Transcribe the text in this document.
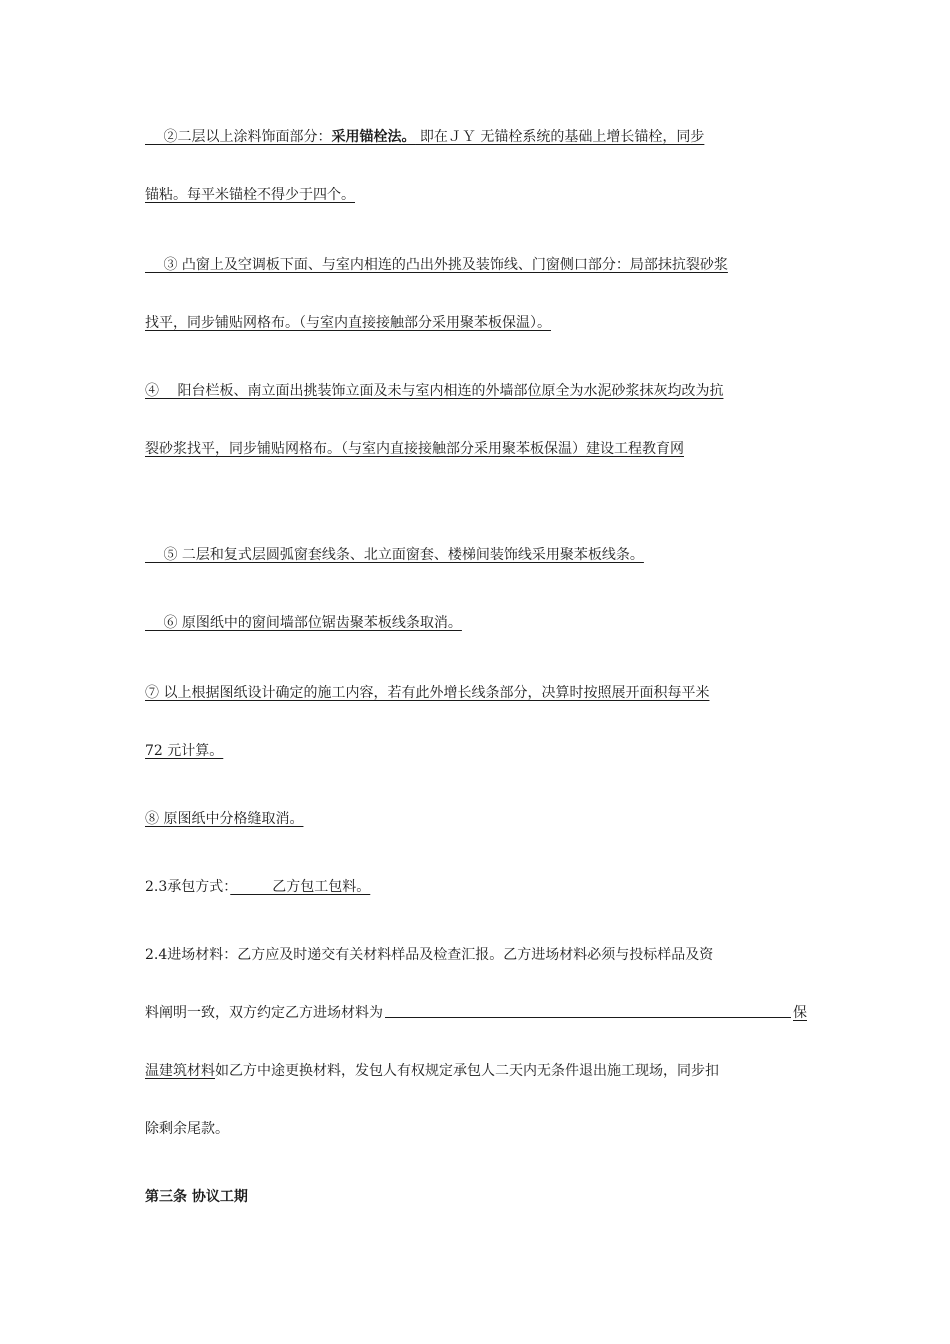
　 ②二层以上涂料饰面部分：采用锚栓法。 即在ＪＹ 无锚栓系统的基础上增长锚栓，同步
锚粘。每平米锚栓不得少于四个。
　 ③ 凸窗上及空调板下面、与室内相连的凸出外挑及装饰线、门窗侧口部分：局部抹抗裂砂浆
找平，同步铺贴网格布。（与室内直接接触部分采用聚苯板保温）。
④　 阳台栏板、南立面出挑装饰立面及未与室内相连的外墙部位原全为水泥砂浆抹灰均改为抗
裂砂浆找平，同步铺贴网格布。（与室内直接接触部分采用聚苯板保温）建设工程教育网
　 ⑤ 二层和复式层圆弧窗套线条、北立面窗套、楼梯间装饰线采用聚苯板线条。
　 ⑥ 原图纸中的窗间墙部位锯齿聚苯板线条取消。
⑦ 以上根据图纸设计确定的施工内容，若有此外增长线条部分，决算时按照展开面积每平米
72 元计算。
⑧ 原图纸中分格缝取消。
2.3承包方式：　　　乙方包工包料。
2.4进场材料：乙方应及时递交有关材料样品及检查汇报。乙方进场材料必须与投标样品及资
料阐明一致，双方约定乙方进场材料为	保
温建筑材料如乙方中途更换材料，发包人有权规定承包人二天内无条件退出施工现场，同步扣
除剩余尾款。
第三条 协议工期
